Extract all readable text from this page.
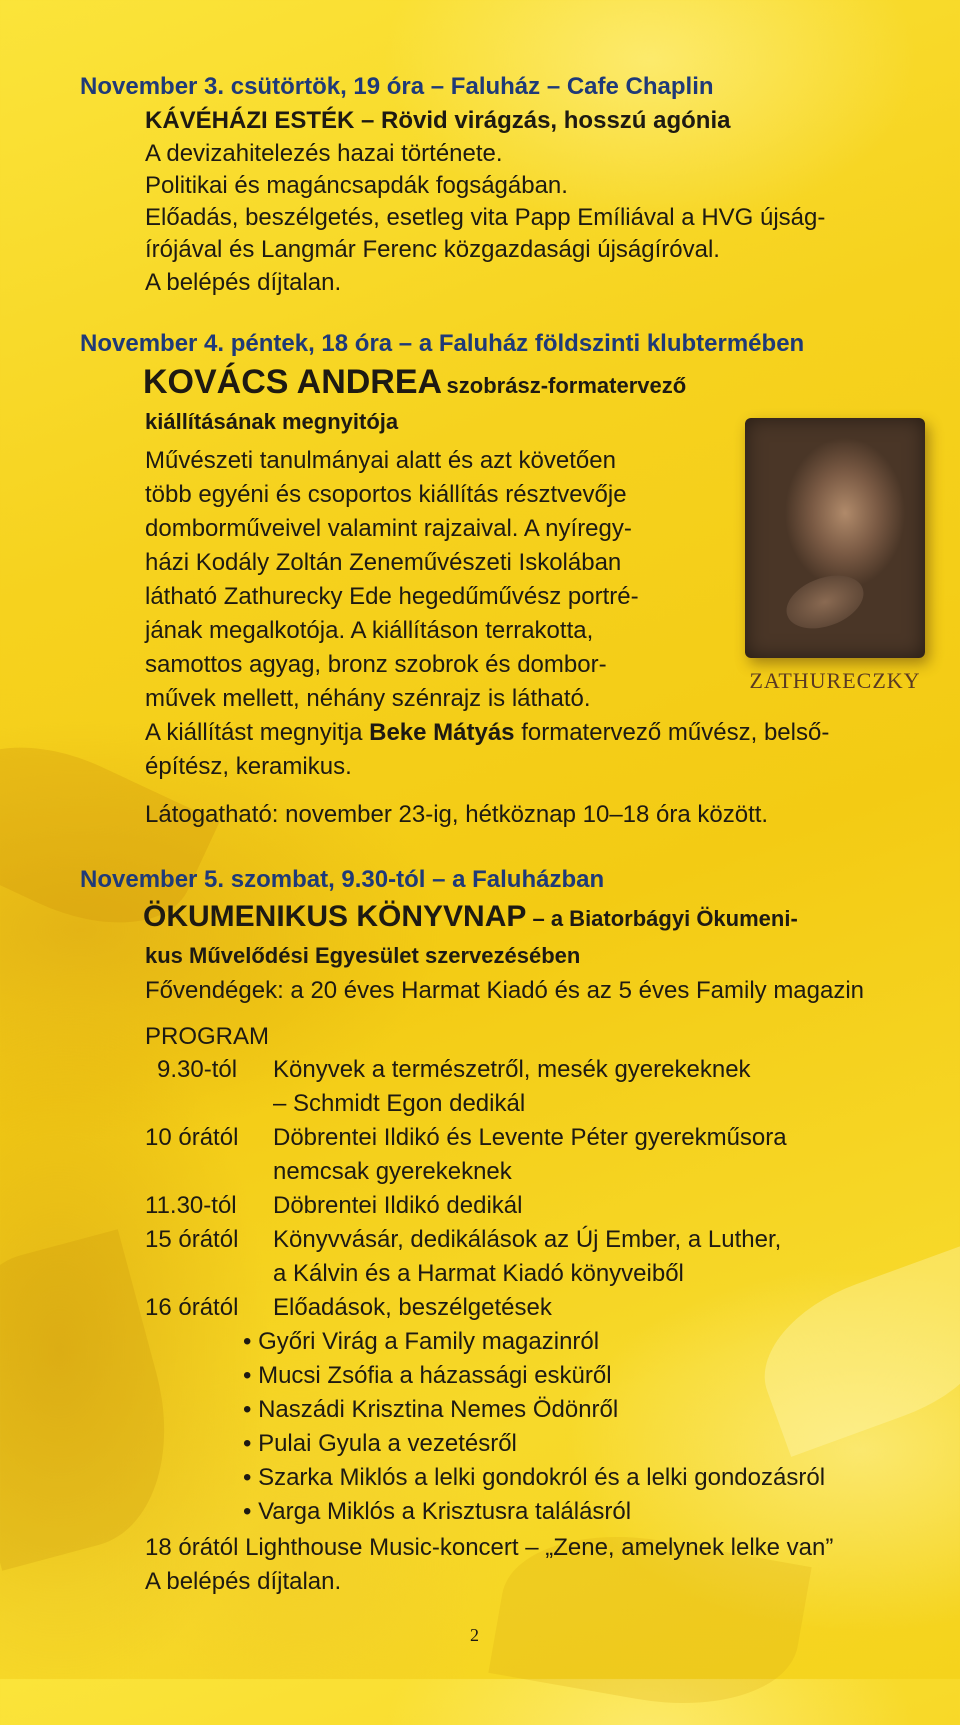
November 3. csütörtök, 19 óra – Faluház – Cafe Chaplin
KÁVÉHÁZI ESTÉK – Rövid virágzás, hosszú agónia
A devizahitelezés hazai története.
Politikai és magáncsapdák fogságában.
Előadás, beszélgetés, esetleg vita Papp Emíliával a HVG újság-
írójával és Langmár Ferenc közgazdasági újságíróval.
A belépés díjtalan.
November 4. péntek, 18 óra – a Faluház földszinti klubtermében
KOVÁCS ANDREA szobrász-formatervező
kiállításának megnyitója
Művészeti tanulmányai alatt és azt követően
több egyéni és csoportos kiállítás résztvevője
domborműveivel valamint rajzaival. A nyíregy-
házi Kodály Zoltán Zeneművészeti Iskolában
látható Zathurecky Ede hegedűművész portré-
jának megalkotója. A kiállításon terrakotta,
samottos agyag, bronz szobrok és dombor-
művek mellett, néhány szénrajz is látható.
A kiállítást megnyitja Beke Mátyás formatervező művész, belső-
építész, keramikus.
Látogatható: november 23-ig, hétköznap 10–18 óra között.
ZATHURECZKY
November 5. szombat, 9.30-tól – a Faluházban
ÖKUMENIKUS KÖNYVNAP – a Biatorbágyi Ökumeni-
kus Művelődési Egyesület szervezésében
Fővendégek: a 20 éves Harmat Kiadó és az 5 éves Family magazin
PROGRAM
9.30-tól Könyvek a természetről, mesék gyerekeknek
– Schmidt Egon dedikál
10 órától Döbrentei Ildikó és Levente Péter gyerekműsora
nemcsak gyerekeknek
11.30-tól Döbrentei Ildikó dedikál
15 órától Könyvvásár, dedikálások az Új Ember, a Luther,
a Kálvin és a Harmat Kiadó könyveiből
16 órától Előadások, beszélgetések
• Győri Virág a Family magazinról
• Mucsi Zsófia a házassági esküről
• Naszádi Krisztina Nemes Ödönről
• Pulai Gyula a vezetésről
• Szarka Miklós a lelki gondokról és a lelki gondozásról
• Varga Miklós a Krisztusra találásról
18 órától Lighthouse Music-koncert – „Zene, amelynek lelke van”
A belépés díjtalan.
2
